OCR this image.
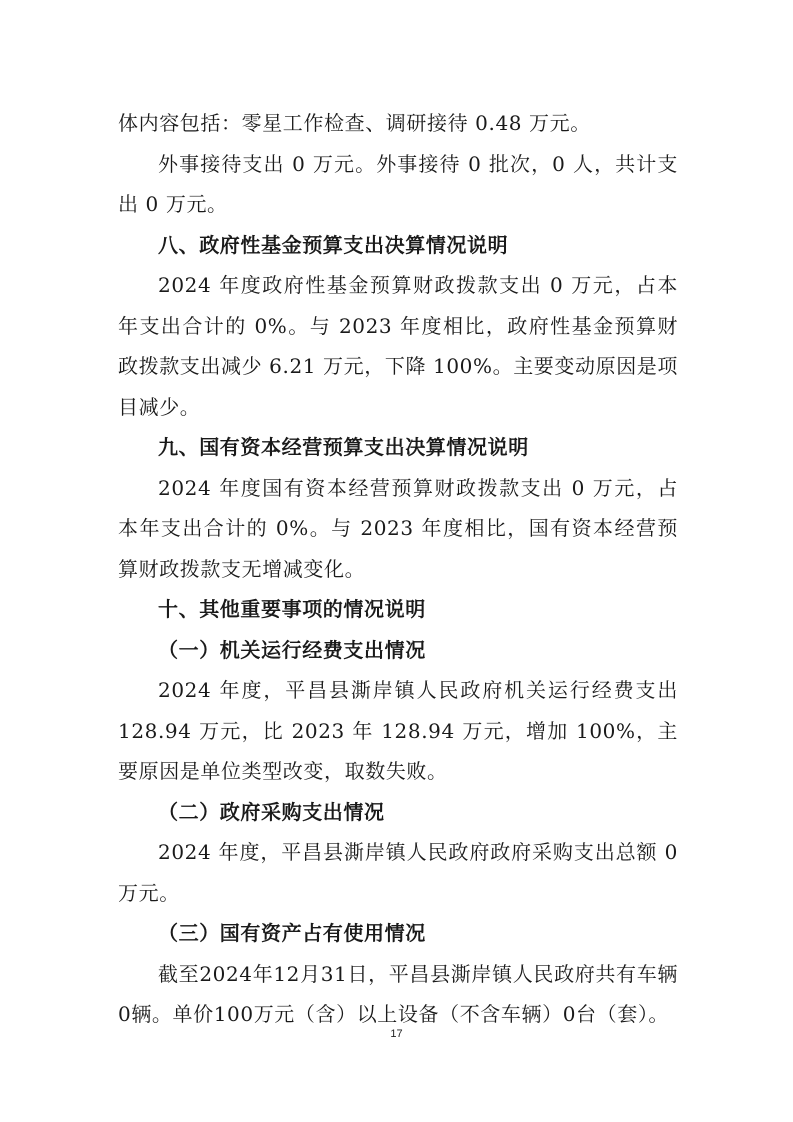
体内容包括：零星工作检查、调研接待 0.48 万元。

外事接待支出 0 万元。外事接待 0 批次，0 人，共计支出 0 万元。

八、政府性基金预算支出决算情况说明

2024 年度政府性基金预算财政拨款支出 0 万元，占本年支出合计的 0%。与 2023 年度相比，政府性基金预算财政拨款支出减少 6.21 万元，下降 100%。主要变动原因是项目减少。

九、国有资本经营预算支出决算情况说明

2024 年度国有资本经营预算财政拨款支出 0 万元，占本年支出合计的 0%。与 2023 年度相比，国有资本经营预算财政拨款支无增减变化。

十、其他重要事项的情况说明

（一）机关运行经费支出情况

2024 年度，平昌县澌岸镇人民政府机关运行经费支出 128.94 万元，比 2023 年 128.94 万元，增加 100%，主要原因是单位类型改变，取数失败。

（二）政府采购支出情况

2024 年度，平昌县澌岸镇人民政府政府采购支出总额 0 万元。

（三）国有资产占有使用情况

截至2024年12月31日，平昌县澌岸镇人民政府共有车辆0辆。单价100万元（含）以上设备（不含车辆）0台（套）。

17
